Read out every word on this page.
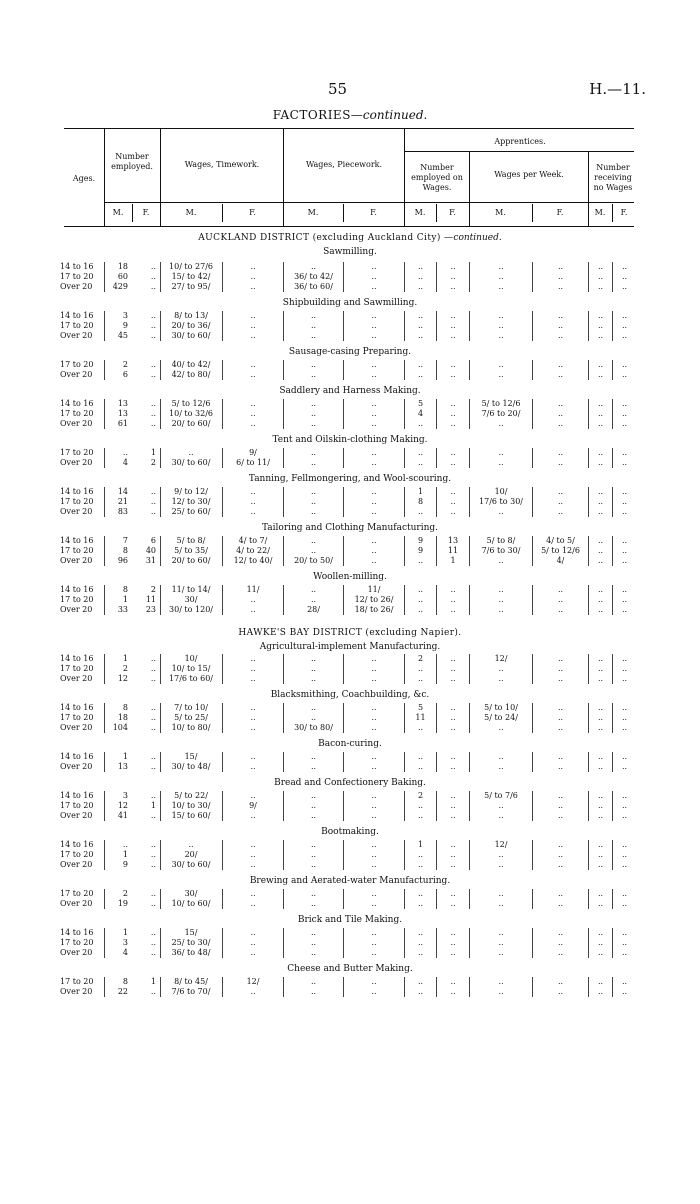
55	H.—11.
FACTORIES—continued.
Ages.
Number employed.	Wages, Timework.	Wages, Piecework.
Apprentices.
Number employed on Wages.
Wages per Week.
Number receiving no Wages
M.	F.	M.	F.	M.	F.	M.	F.	M.	F.	M.	F.
AUCKLAND DISTRICT (excluding Auckland City) —continued.
Sawmilling.
14 to 16	18	..	10/ to 27/6	..	..	..	..	..	..	..	..	..
17 to 20	60	..	15/ to 42/	..	36/ to 42/	..	..	..	..	..	..	..
Over 20	429	..	27/ to 95/	..	36/ to 60/	..	..	..	..	..	..	..
Shipbuilding and Sawmilling.
14 to 16	3	..	8/ to 13/	..	..	..	..	..	..	..	..	..
17 to 20	9	..	20/ to 36/	..	..	..	..	..	..	..	..	..
Over 20	45	..	30/ to 60/	..	..	..	..	..	..	..	..	..
Sausage-casing Preparing.
17 to 20	2	..	40/ to 42/	..	..	..	..	..	..	..	..	..
Over 20	6	..	42/ to 80/	..	..	..	..	..	..	..	..	..
Saddlery and Harness Making.
14 to 16	13	..	5/ to 12/6	..	..	..	5	..	5/ to 12/6	..	..	..
17 to 20	13	..	10/ to 32/6	..	..	..	4	..	7/6 to 20/	..	..	..
Over 20	61	..	20/ to 60/	..	..	..	..	..	..	..	..	..
Tent and Oilskin-clothing Making.
17 to 20	..	1	..	9/	..	..	..	..	..	..	..	..
Over 20	4	2	30/ to 60/	6/ to 11/	..	..	..	..	..	..	..	..
Tanning, Fellmongering, and Wool-scouring.
14 to 16	14	..	9/ to 12/	..	..	..	1	..	10/	..	..	..
17 to 20	21	..	12/ to 30/	..	..	..	8	..	17/6 to 30/	..	..	..
Over 20	83	..	25/ to 60/	..	..	..	..	..	..	..	..	..
Tailoring and Clothing Manufacturing.
14 to 16	7	6	5/ to 8/	4/ to 7/	..	..	9	13	5/ to 8/	4/ to 5/	..	..
17 to 20	8	40	5/ to 35/	4/ to 22/	..	..	9	11	7/6 to 30/	5/ to 12/6	..	..
Over 20	96	31	20/ to 60/	12/ to 40/	20/ to 50/	..	..	1	..	4/	..	..
Woollen-milling.
14 to 16	8	2	11/ to 14/	11/	..	11/	..	..	..	..	..	..
17 to 20	1	11	30/	..	..	12/ to 26/	..	..	..	..	..	..
Over 20	33	23	30/ to 120/	..	28/	18/ to 26/	..	..	..	..	..	..
HAWKE'S BAY DISTRICT (excluding Napier).
Agricultural-implement Manufacturing.
14 to 16	1	..	10/	..	..	..	2	..	12/	..	..	..
17 to 20	2	..	10/ to 15/	..	..	..	..	..	..	..	..	..
Over 20	12	..	17/6 to 60/	..	..	..	..	..	..	..	..	..
Blacksmithing, Coachbuilding, &c.
14 to 16	8	..	7/ to 10/	..	..	..	5	..	5/ to 10/	..	..	..
17 to 20	18	..	5/ to 25/	..	..	..	11	..	5/ to 24/	..	..	..
Over 20	104	..	10/ to 80/	..	30/ to 80/	..	..	..	..	..	..	..
Bacon-curing.
14 to 16	1	..	15/	..	..	..	..	..	..	..	..	..
Over 20	13	..	30/ to 48/	..	..	..	..	..	..	..	..	..
Bread and Confectionery Baking.
14 to 16	3	..	5/ to 22/	..	..	..	2	..	5/ to 7/6	..	..	..
17 to 20	12	1	10/ to 30/	9/	..	..	..	..	..	..	..	..
Over 20	41	..	15/ to 60/	..	..	..	..	..	..	..	..	..
Bootmaking.
14 to 16	..	..	..	..	..	..	1	..	12/	..	..	..
17 to 20	1	..	20/	..	..	..	..	..	..	..	..	..
Over 20	9	..	30/ to 60/	..	..	..	..	..	..	..	..	..
Brewing and Aerated-water Manufacturing.
17 to 20	2	..	30/	..	..	..	..	..	..	..	..	..
Over 20	19	..	10/ to 60/	..	..	..	..	..	..	..	..	..
Brick and Tile Making.
14 to 16	1	..	15/	..	..	..	..	..	..	..	..	..
17 to 20	3	..	25/ to 30/	..	..	..	..	..	..	..	..	..
Over 20	4	..	36/ to 48/	..	..	..	..	..	..	..	..	..
Cheese and Butter Making.
17 to 20	8	1	8/ to 45/	12/	..	..	..	..	..	..	..	..
Over 20	22	..	7/6 to 70/	..	..	..	..	..	..	..	..	..
